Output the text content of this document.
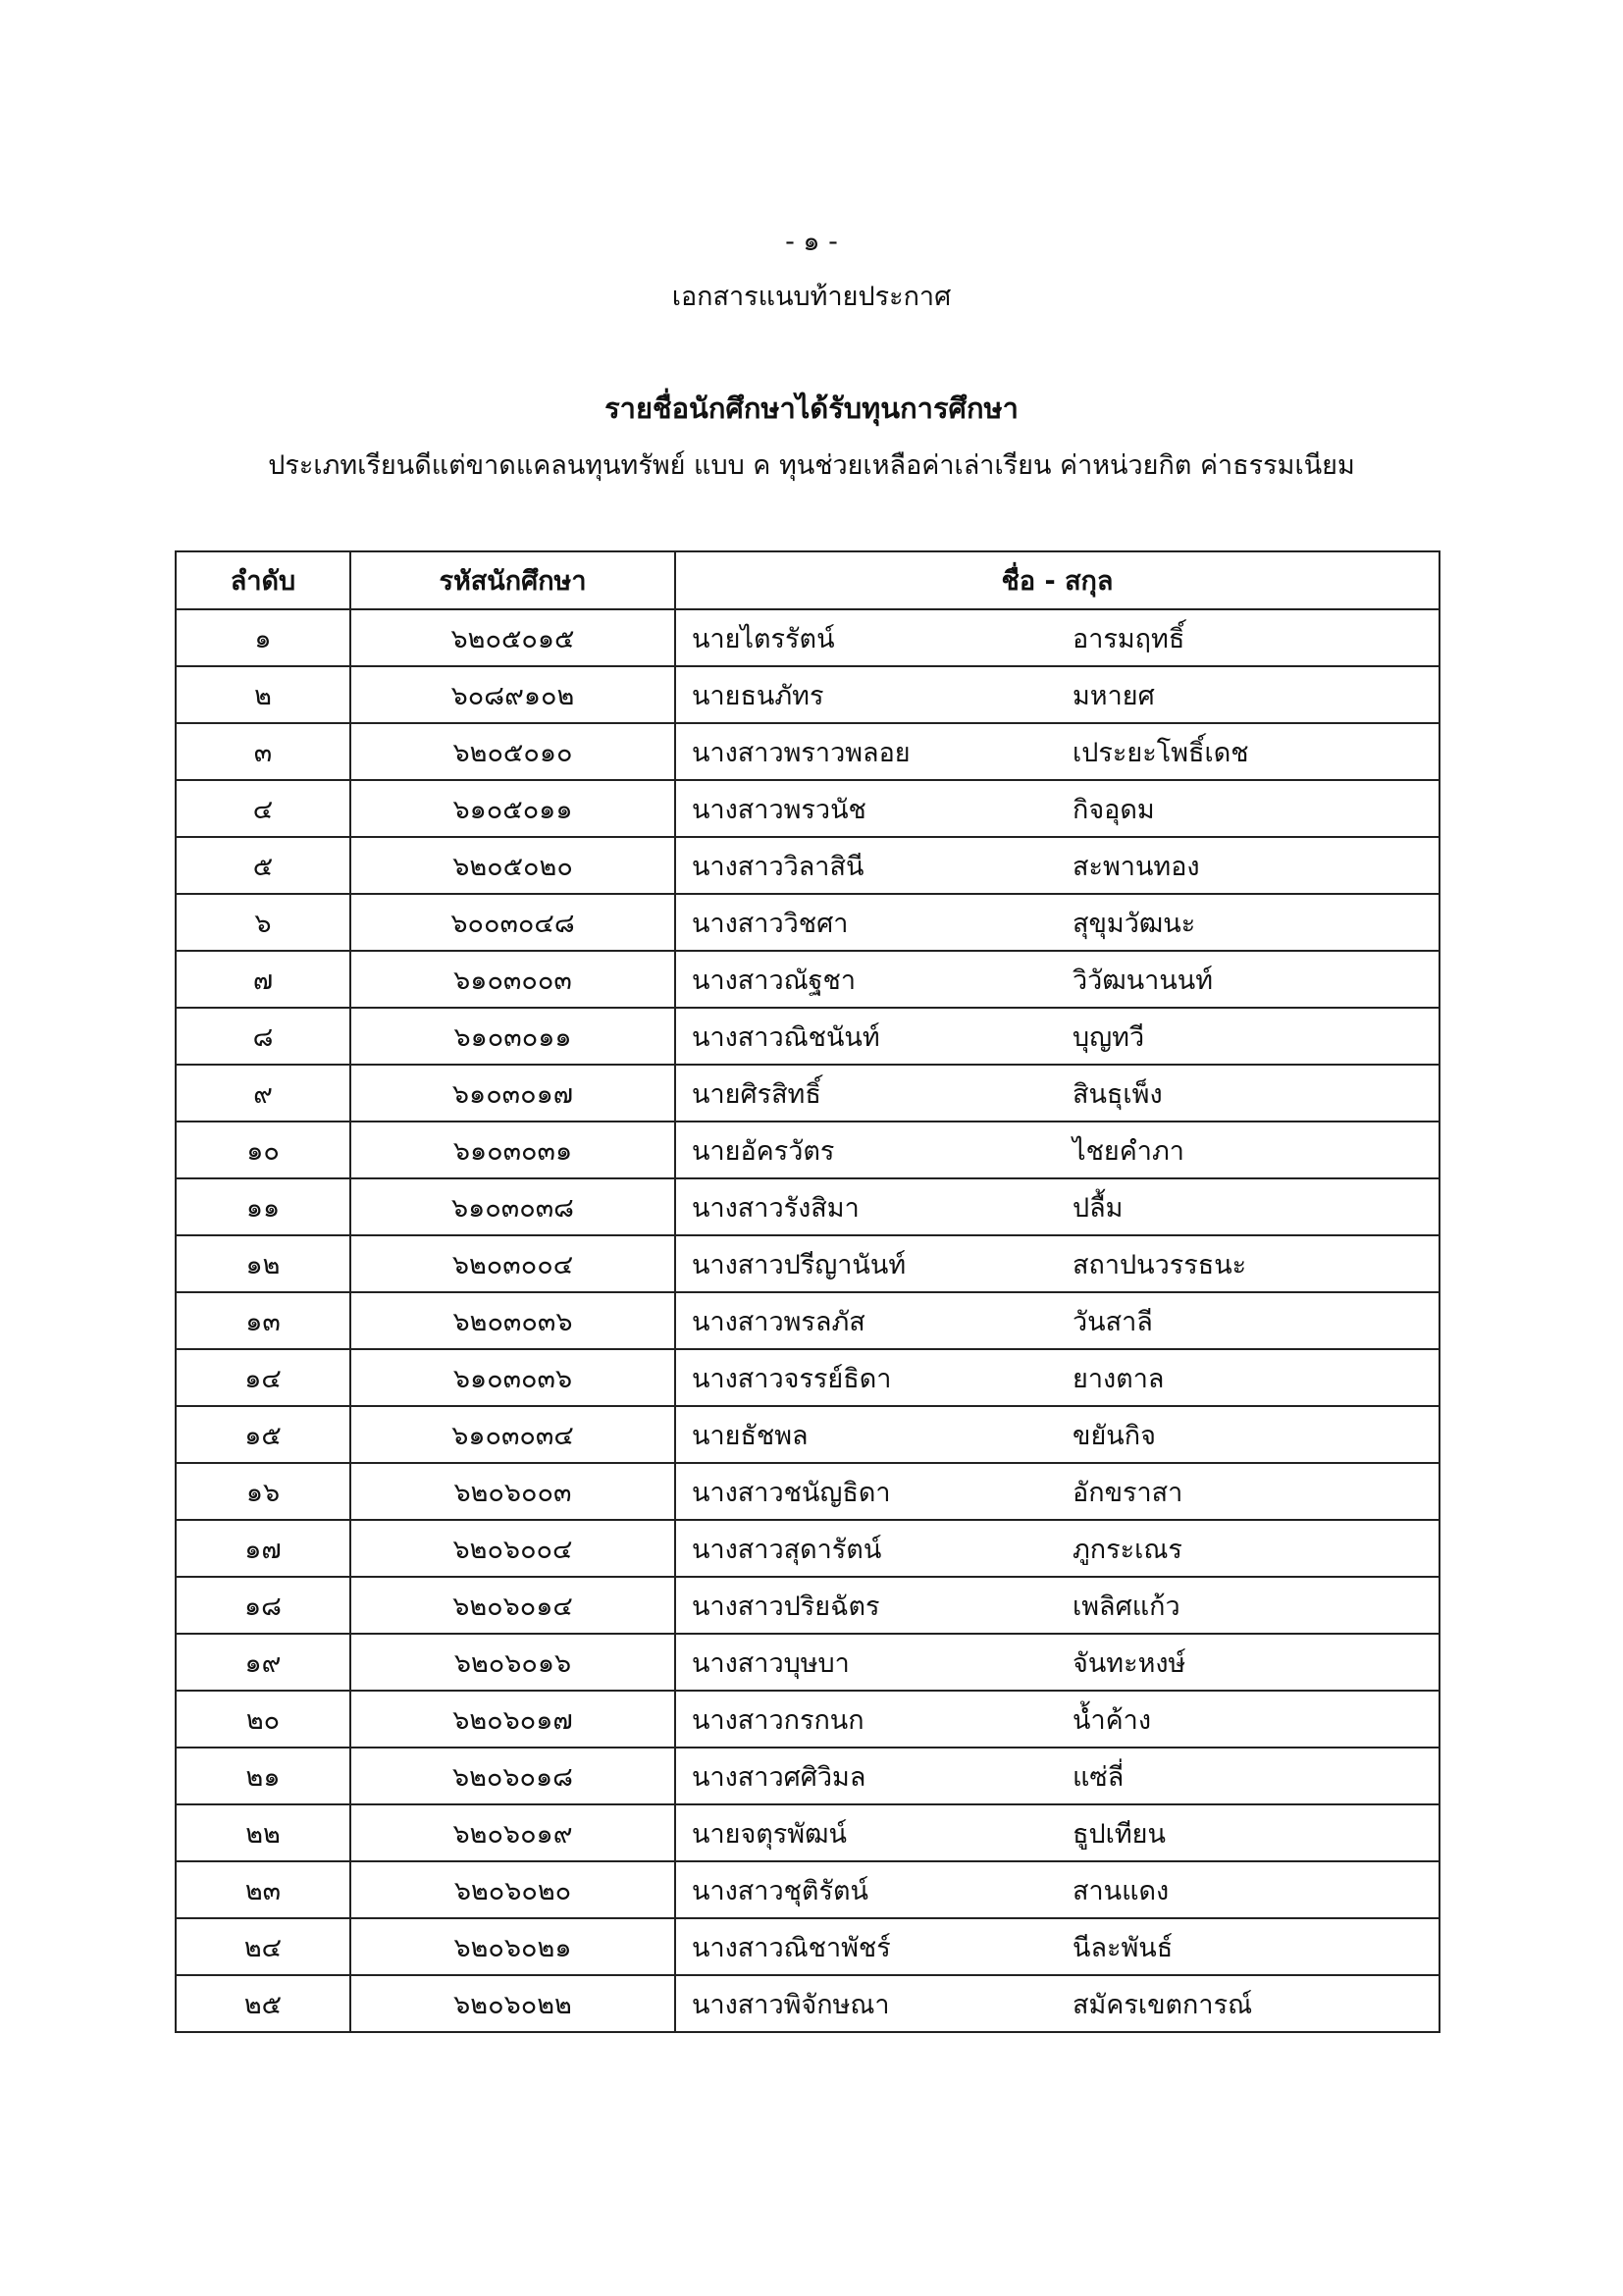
- ๑ -
เอกสารแนบท้ายประกาศ
รายชื่อนักศึกษาได้รับทุนการศึกษา
ประเภทเรียนดีแต่ขาดแคลนทุนทรัพย์ แบบ ค ทุนช่วยเหลือค่าเล่าเรียน ค่าหน่วยกิต ค่าธรรมเนียม
ลำดับ	รหัสนักศึกษา	ชื่อ - สกุล
๑	๖๒๐๕๐๑๕	นายไตรรัตน์ อารมฤทธิ์
๒	๖๐๘๙๑๐๒	นายธนภัทร มหายศ
๓	๖๒๐๕๐๑๐	นางสาวพราวพลอย เประยะโพธิ์เดช
๔	๖๑๐๕๐๑๑	นางสาวพรวนัช กิจอุดม
๕	๖๒๐๕๐๒๐	นางสาววิลาสินี สะพานทอง
๖	๖๐๐๓๐๔๘	นางสาววิชศา สุขุมวัฒนะ
๗	๖๑๐๓๐๐๓	นางสาวณัฐชา วิวัฒนานนท์
๘	๖๑๐๓๐๑๑	นางสาวณิชนันท์ บุญทวี
๙	๖๑๐๓๐๑๗	นายศิรสิทธิ์ สินธุเพ็ง
๑๐	๖๑๐๓๐๓๑	นายอัครวัตร ไชยคำภา
๑๑	๖๑๐๓๐๓๘	นางสาวรังสิมา ปลื้ม
๑๒	๖๒๐๓๐๐๔	นางสาวปรีญานันท์ สถาปนวรรธนะ
๑๓	๖๒๐๓๐๓๖	นางสาวพรลภัส วันสาลี
๑๔	๖๑๐๓๐๓๖	นางสาวจรรย์ธิดา ยางตาล
๑๕	๖๑๐๓๐๓๔	นายธัชพล ขยันกิจ
๑๖	๖๒๐๖๐๐๓	นางสาวชนัญธิดา อักขราสา
๑๗	๖๒๐๖๐๐๔	นางสาวสุดารัตน์ ภูกระเณร
๑๘	๖๒๐๖๐๑๔	นางสาวปริยฉัตร เพลิศแก้ว
๑๙	๖๒๐๖๐๑๖	นางสาวบุษบา จันทะหงษ์
๒๐	๖๒๐๖๐๑๗	นางสาวกรกนก น้ำค้าง
๒๑	๖๒๐๖๐๑๘	นางสาวศศิวิมล แซ่ลี่
๒๒	๖๒๐๖๐๑๙	นายจตุรพัฒน์ ธูปเทียน
๒๓	๖๒๐๖๐๒๐	นางสาวชุติรัตน์ สานแดง
๒๔	๖๒๐๖๐๒๑	นางสาวณิชาพัชร์ นีละพันธ์
๒๕	๖๒๐๖๐๒๒	นางสาวพิจักษณา สมัครเขตการณ์
